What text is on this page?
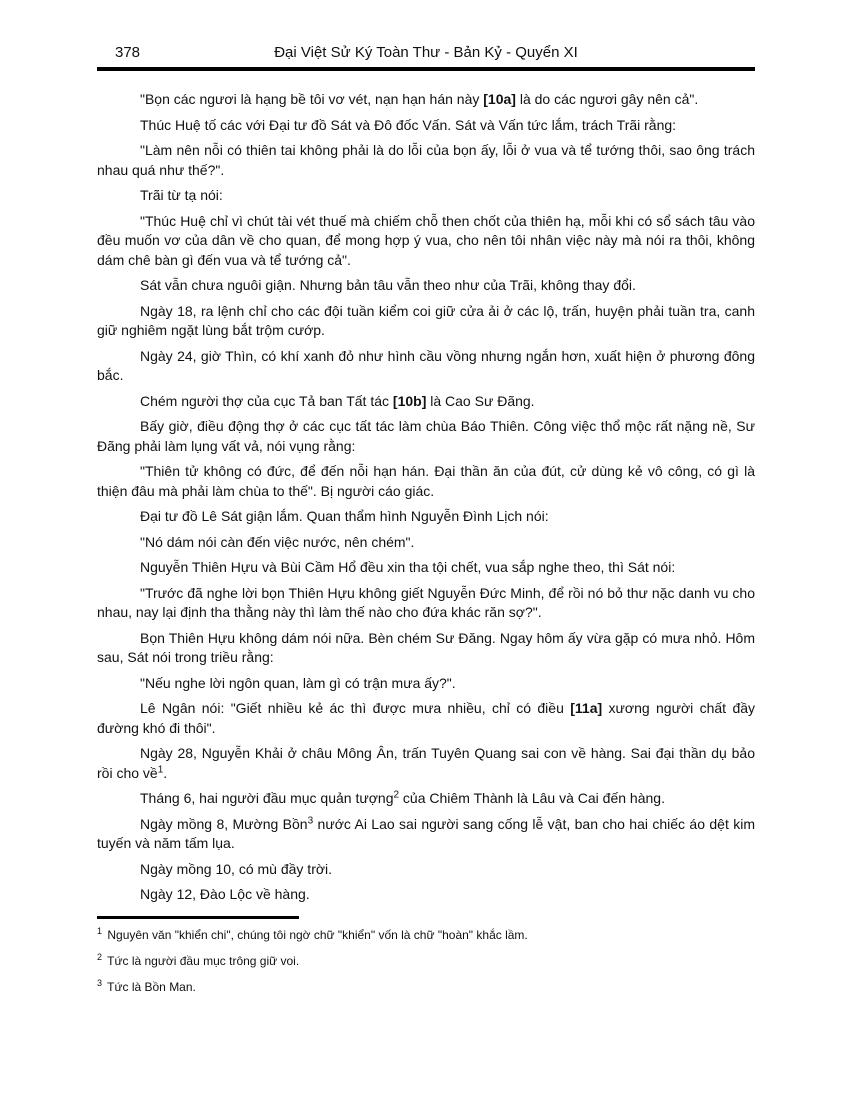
378	Đại Việt Sử Ký Toàn Thư - Bản Kỷ - Quyển XI

"Bọn các ngươi là hạng bề tôi vơ vét, nạn hạn hán này [10a] là do các ngươi gây nên cả".

Thúc Huệ tố các với Đại tư đồ Sát và Đô đốc Vấn. Sát và Vấn tức lắm, trách Trãi rằng:

"Làm nên nỗi có thiên tai không phải là do lỗi của bọn ấy, lỗi ở vua và tể tướng thôi, sao ông trách nhau quá như thế?".

Trãi từ tạ nói:

"Thúc Huệ chỉ vì chút tài vét thuế mà chiếm chỗ then chốt của thiên hạ, mỗi khi có sổ sách tâu vào đều muốn vơ của dân về cho quan, để mong hợp ý vua, cho nên tôi nhân việc này mà nói ra thôi, không dám chê bàn gì đến vua và tể tướng cả".

Sát vẫn chưa nguôi giận. Nhưng bản tâu vẫn theo như của Trãi, không thay đổi.

Ngày 18, ra lệnh chỉ cho các đội tuần kiểm coi giữ cửa ải ở các lộ, trấn, huyện phải tuần tra, canh giữ nghiêm ngặt lùng bắt trộm cướp.

Ngày 24, giờ Thìn, có khí xanh đỏ như hình cầu vồng nhưng ngắn hơn, xuất hiện ở phương đông bắc.

Chém người thợ của cục Tả ban Tất tác [10b] là Cao Sư Đãng.

Bấy giờ, điều động thợ ở các cục tất tác làm chùa Báo Thiên. Công việc thổ mộc rất nặng nề, Sư Đãng phải làm lụng vất vả, nói vụng rằng:

"Thiên tử không có đức, để đến nỗi hạn hán. Đại thần ăn của đút, cử dùng kẻ vô công, có gì là thiện đâu mà phải làm chùa to thế". Bị người cáo giác.

Đại tư đồ Lê Sát giận lắm. Quan thẩm hình Nguyễn Đình Lịch nói:

"Nó dám nói càn đến việc nước, nên chém".

Nguyễn Thiên Hựu và Bùi Cầm Hổ đều xin tha tội chết, vua sắp nghe theo, thì Sát nói:

"Trước đã nghe lời bọn Thiên Hựu không giết Nguyễn Đức Minh, để rồi nó bỏ thư nặc danh vu cho nhau, nay lại định tha thằng này thì làm thế nào cho đứa khác răn sợ?".

Bọn Thiên Hựu không dám nói nữa. Bèn chém Sư Đăng. Ngay hôm ấy vừa gặp có mưa nhỏ. Hôm sau, Sát nói trong triều rằng:

"Nếu nghe lời ngôn quan, làm gì có trận mưa ấy?".

Lê Ngân nói: "Giết nhiều kẻ ác thì được mưa nhiều, chỉ có điều [11a] xương người chất đầy đường khó đi thôi".

Ngày 28, Nguyễn Khải ở châu Mông Ân, trấn Tuyên Quang sai con về hàng. Sai đại thần dụ bảo rồi cho về$^1$.

Tháng 6, hai người đầu mục quản tượng$^2$ của Chiêm Thành là Lâu và Cai đến hàng.

Ngày mồng 8, Mường Bồn$^3$ nước Ai Lao sai người sang cống lễ vật, ban cho hai chiếc áo dệt kim tuyến và năm tấm lụa.

Ngày mồng 10, có mù đầy trời.

Ngày 12, Đào Lộc về hàng.

$^1$ Nguyên văn "khiển chi", chúng tôi ngờ chữ "khiển" vốn là chữ "hoàn" khắc lầm.
$^2$ Tức là người đầu mục trông giữ voi.
$^3$ Tức là Bồn Man.
